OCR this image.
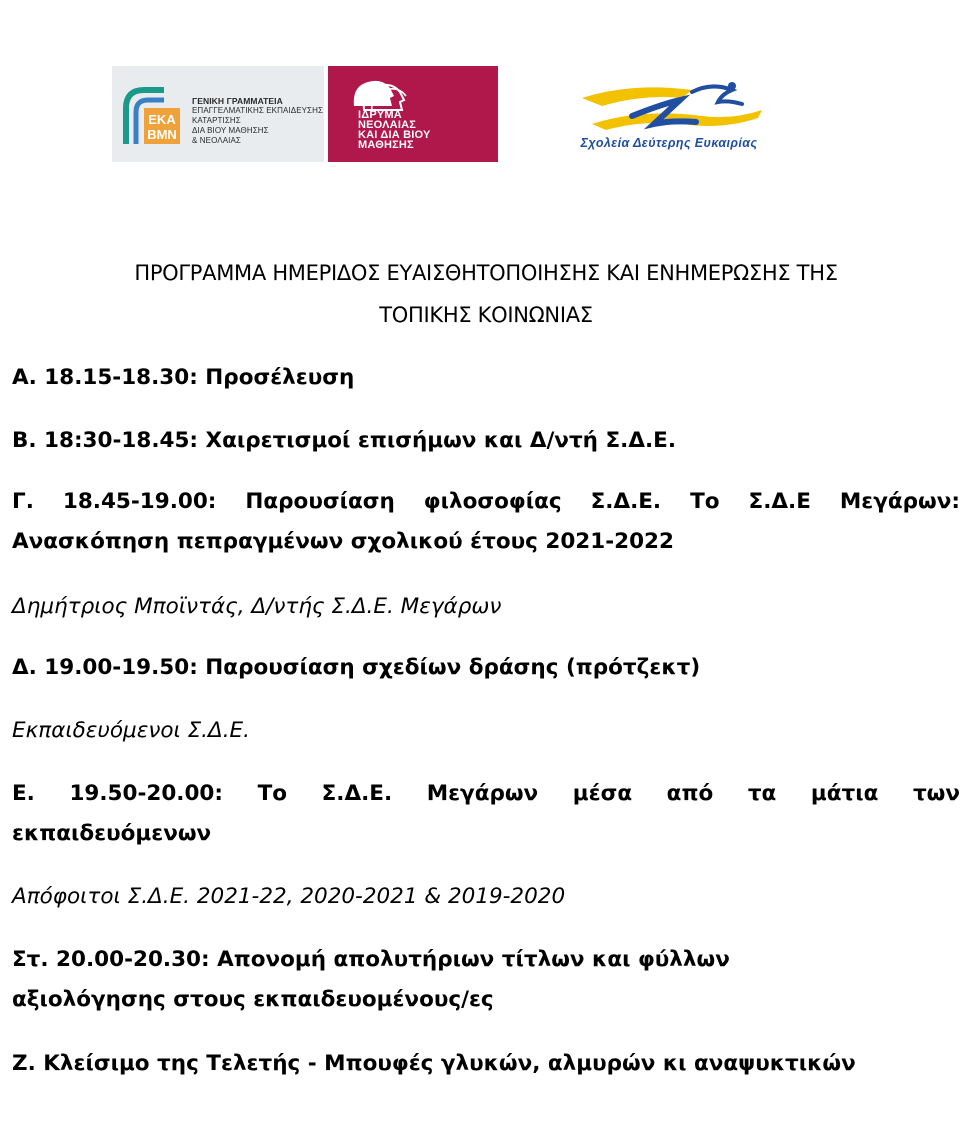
ΕΚΑ
ΒΜΝ
ΓΕΝΙΚΗ ΓΡΑΜΜΑΤΕΙΑ
ΕΠΑΓΓΕΛΜΑΤΙΚΗΣ ΕΚΠΑΙΔΕΥΣΗΣ
ΚΑΤΑΡΤΙΣΗΣ
ΔΙΑ ΒΙΟΥ ΜΑΘΗΣΗΣ
& ΝΕΟΛΑΙΑΣ
ΙΔΡΥΜΑ
ΝΕΟΛΑΙΑΣ
ΚΑΙ ΔΙΑ ΒΙΟΥ
ΜΑΘΗΣΗΣ	Σχολεία Δεύτερης Ευκαιρίας
ΠΡΟΓΡΑΜΜΑ ΗΜΕΡΙΔΟΣ ΕΥΑΙΣΘΗΤΟΠΟΙΗΣΗΣ ΚΑΙ ΕΝΗΜΕΡΩΣΗΣ ΤΗΣ
ΤΟΠΙΚΗΣ ΚΟΙΝΩΝΙΑΣ
Α. 18.15-18.30: Προσέλευση
Β. 18:30-18.45: Χαιρετισμοί επισήμων και Δ/ντή Σ.Δ.Ε.
Γ. 18.45-19.00: Παρουσίαση φιλοσοφίας Σ.Δ.Ε. Το Σ.Δ.Ε Μεγάρων:
Ανασκόπηση πεπραγμένων σχολικού έτους 2021-2022
Δημήτριος Μποϊντάς, Δ/ντής Σ.Δ.Ε. Μεγάρων
Δ. 19.00-19.50: Παρουσίαση σχεδίων δράσης (πρότζεκτ)
Εκπαιδευόμενοι Σ.Δ.Ε.
Ε. 19.50-20.00: Το Σ.Δ.Ε. Μεγάρων μέσα από τα μάτια των
εκπαιδευόμενων
Απόφοιτοι Σ.Δ.Ε. 2021-22, 2020-2021 & 2019-2020
Στ. 20.00-20.30: Απονομή απολυτήριων τίτλων και φύλλων
αξιολόγησης στους εκπαιδευομένους/ες
Ζ. Κλείσιμο της Τελετής - Μπουφές γλυκών, αλμυρών κι αναψυκτικών
